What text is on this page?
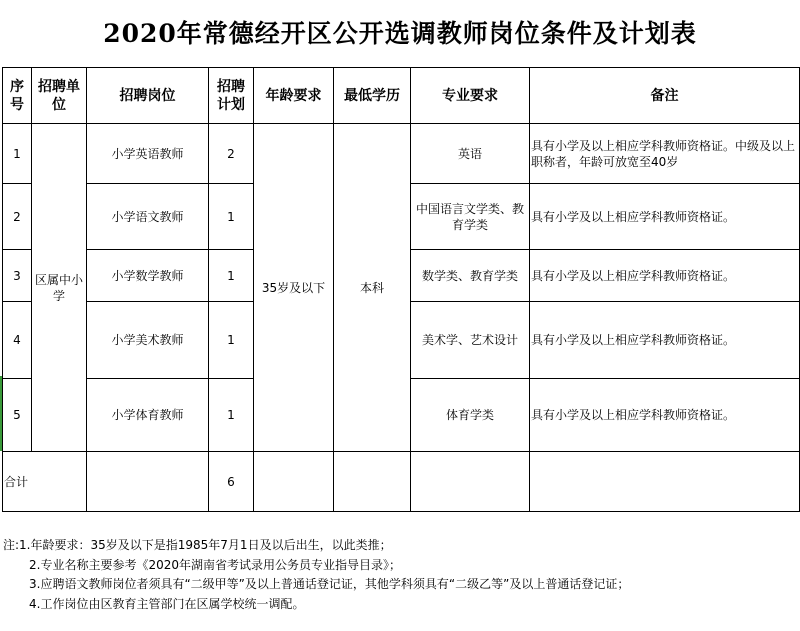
2020年常德经开区公开选调教师岗位条件及计划表
序号	招聘单位	招聘岗位	招聘计划	年龄要求	最低学历	专业要求	备注
1	区属中小学	小学英语教师	2	35岁及以下	本科	英语	具有小学及以上相应学科教师资格证。中级及以上职称者，年龄可放宽至40岁
2		小学语文教师	1			中国语言文学类、教育学类	具有小学及以上相应学科教师资格证。
3		小学数学教师	1			数学类、教育学类	具有小学及以上相应学科教师资格证。
4		小学美术教师	1			美术学、艺术设计	具有小学及以上相应学科教师资格证。
5		小学体育教师	1			体育学类	具有小学及以上相应学科教师资格证。
合计			6				
注:1.年龄要求：35岁及以下是指1985年7月1日及以后出生，以此类推；
2.专业名称主要参考《2020年湖南省考试录用公务员专业指导目录》；
3.应聘语文教师岗位者须具有“二级甲等”及以上普通话登记证，其他学科须具有“二级乙等”及以上普通话登记证；
4.工作岗位由区教育主管部门在区属学校统一调配。
